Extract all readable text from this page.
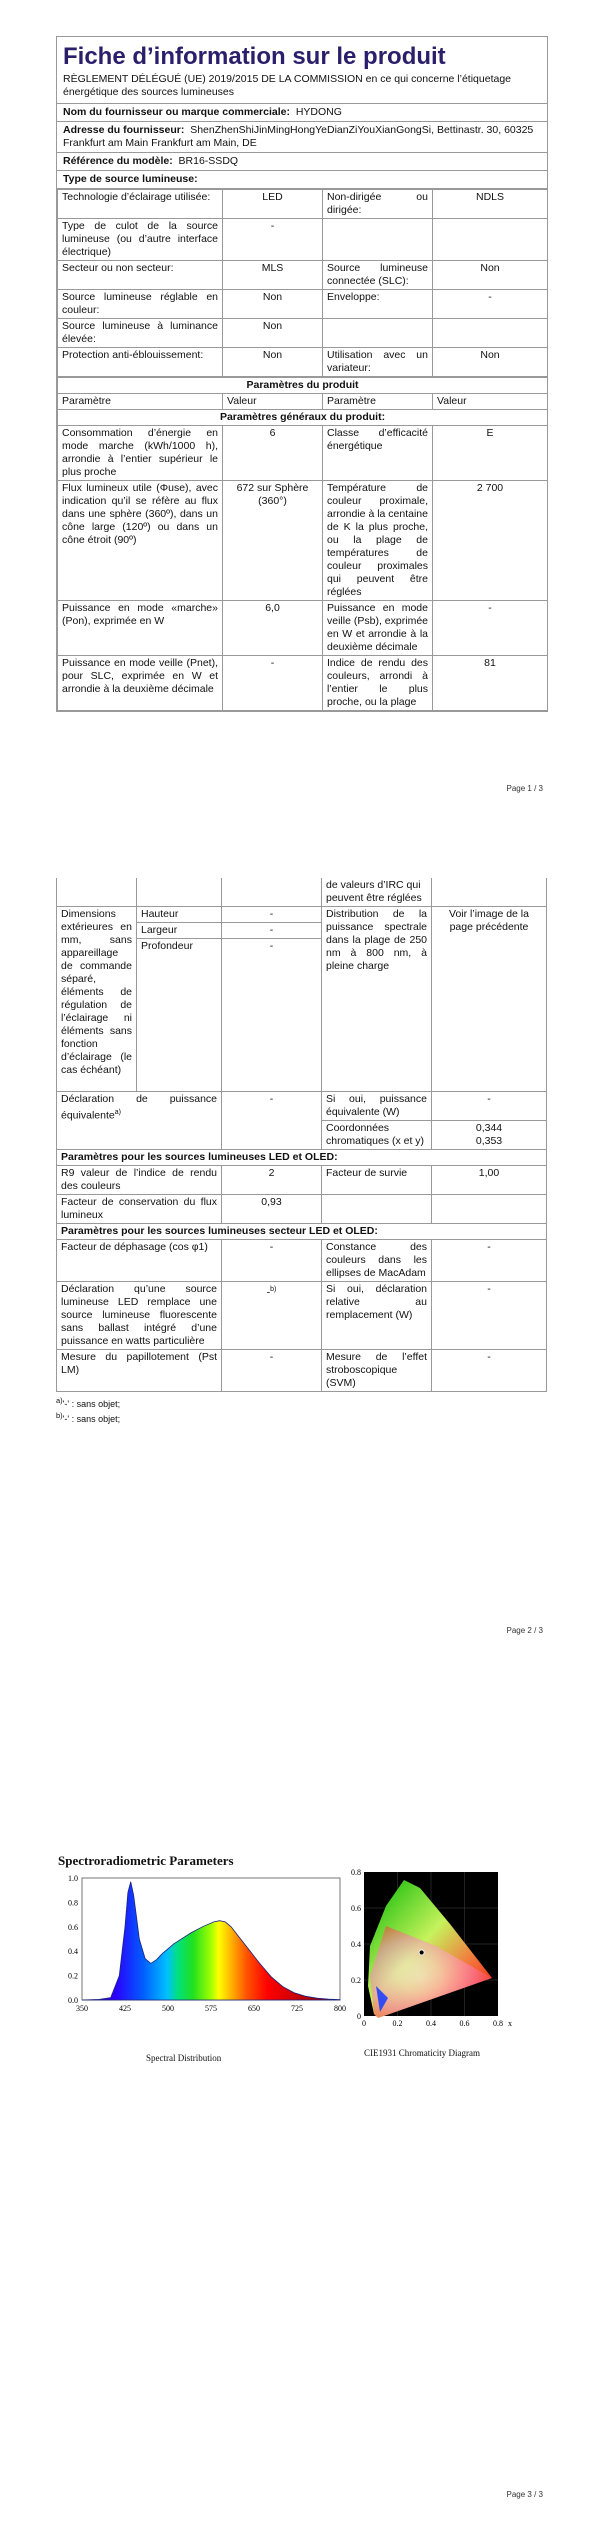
Fiche d’information sur le produit
RÈGLEMENT DÉLÉGUÉ (UE) 2019/2015 DE LA COMMISSION en ce qui concerne l’étiquetage énergétique des sources lumineuses
Nom du fournisseur ou marque commerciale: HYDONG
Adresse du fournisseur: ShenZhenShiJinMingHongYeDianZiYouXianGongSi, Bettinastr. 30, 60325 Frankfurt am Main Frankfurt am Main, DE
Référence du modèle: BR16-SSDQ
Type de source lumineuse:
Technologie d’éclairage utilisée:	LED	Non-dirigée ou dirigée:	NDLS
Type de culot de la source lumineuse (ou d’autre interface électrique)	-		
Secteur ou non secteur:	MLS	Source lumineuse connectée (SLC):	Non
Source lumineuse réglable en couleur:	Non	Enveloppe:	-
Source lumineuse à luminance élevée:	Non		
Protection anti-éblouissement:	Non	Utilisation avec un variateur:	Non
Paramètres du produit			
Paramètre	Valeur	Paramètre	Valeur
Paramètres généraux du produit:			
Consommation d’énergie en mode marche (kWh/1000 h), arrondie à l’entier supérieur le plus proche	6	Classe d’efficacité énergétique	E
Flux lumineux utile (Φuse), avec indication qu’il se réfère au flux dans une sphère (360º), dans un cône large (120º) ou dans un cône étroit (90º)	672 sur Sphère (360°)	Température de couleur proximale, arrondie à la centaine de K la plus proche, ou la plage de températures de couleur proximales qui peuvent être réglées	2 700
Puissance en mode «marche» (Pon), exprimée en W	6,0	Puissance en mode veille (Psb), exprimée en W et arrondie à la deuxième décimale	-
Puissance en mode veille (Pnet), pour SLC, exprimée en W et arrondie à la deuxième décimale	-	Indice de rendu des couleurs, arrondi à l’entier le plus proche, ou la plage	81
Page 1 / 3
			de valeurs d’IRC qui peuvent être réglées	
Dimensions extérieures en mm, sans appareillage de commande séparé, éléments de régulation de l’éclairage ni éléments sans fonction d’éclairage (le cas échéant)	Hauteur	-	Distribution de la puissance spectrale dans la plage de 250 nm à 800 nm, à pleine charge	Voir l’image de la page précédente
	Largeur	-		
	Profondeur	-		
Déclaration de puissance équivalente$^{a)}$		-	Si oui, puissance équivalente (W)	-
			Coordonnées chromatiques (x et y)	0,344
0,353

Paramètres pour les sources lumineuses LED et OLED:				
R9 valeur de l’indice de rendu des couleurs		2	Facteur de survie	1,00
Facteur de conservation du flux lumineux		0,93		
Paramètres pour les sources lumineuses secteur LED et OLED:				
Facteur de déphasage (cos φ1)		-	Constance des couleurs dans les ellipses de MacAdam	-
Déclaration qu’une source lumineuse LED remplace une source lumineuse fluorescente sans ballast intégré d’une puissance en watts particulière		-$^{b)}$	Si oui, déclaration relative au remplacement (W)	-
Mesure du papillotement (Pst LM)		-	Mesure de l’effet stroboscopique (SVM)	-
$^{a)}$'-' : sans objet;
$^{b)}$'-' : sans objet;
Page 2 / 3
Spectroradiometric Parameters
350	425	500	575	650	725	800
0.0
0.2
0.4
0.6
0.8
1.0
Spectral Distribution
0	0.2	0.4	0.6	0.8 x
0.8
0.6
0.4
0.2
0
CIE1931 Chromaticity Diagram
Page 3 / 3
